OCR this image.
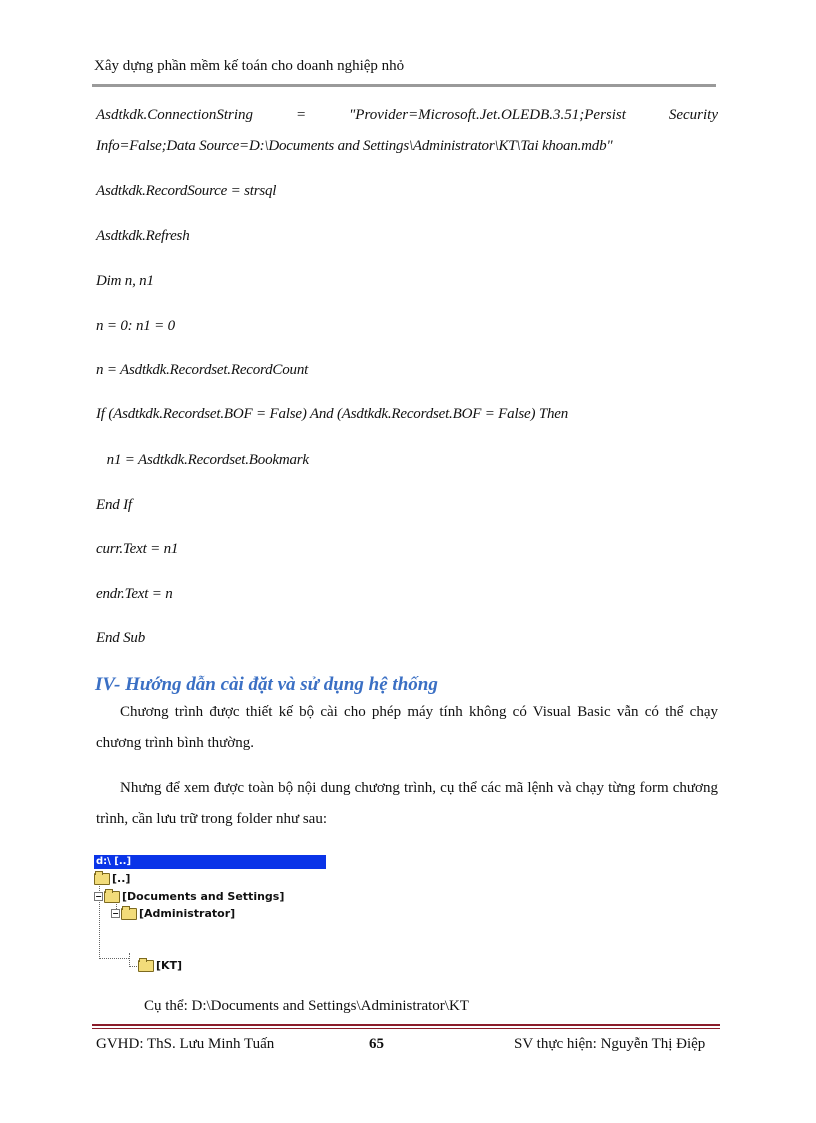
Xây dựng phần mềm kế toán cho doanh nghiệp nhỏ
Asdtkdk.ConnectionString	=	"Provider=Microsoft.Jet.OLEDB.3.51;Persist	Security
Info=False;Data Source=D:\Documents and Settings\Administrator\KT\Tai khoan.mdb"
Asdtkdk.RecordSource = strsql
Asdtkdk.Refresh
Dim n, n1
n = 0: n1 = 0
n = Asdtkdk.Recordset.RecordCount
If (Asdtkdk.Recordset.BOF = False) And (Asdtkdk.Recordset.BOF = False) Then
n1 = Asdtkdk.Recordset.Bookmark
End If
curr.Text = n1
endr.Text = n
End Sub
IV- Hướng dẫn cài đặt và sử dụng hệ thống
Chương trình được thiết kế bộ cài cho phép máy tính không có Visual Basic vẫn có thể chạy chương trình bình thường.
Nhưng để xem được toàn bộ nội dung chương trình, cụ thể các mã lệnh và chạy từng form chương trình, cần lưu trữ trong folder như sau:
d:\ [..]
[..]
− [Documents and Settings]
− [Administrator]
[KT]
Cụ thể: D:\Documents and Settings\Administrator\KT
GVHD: ThS. Lưu Minh Tuấn	65	SV thực hiện: Nguyễn Thị Điệp
